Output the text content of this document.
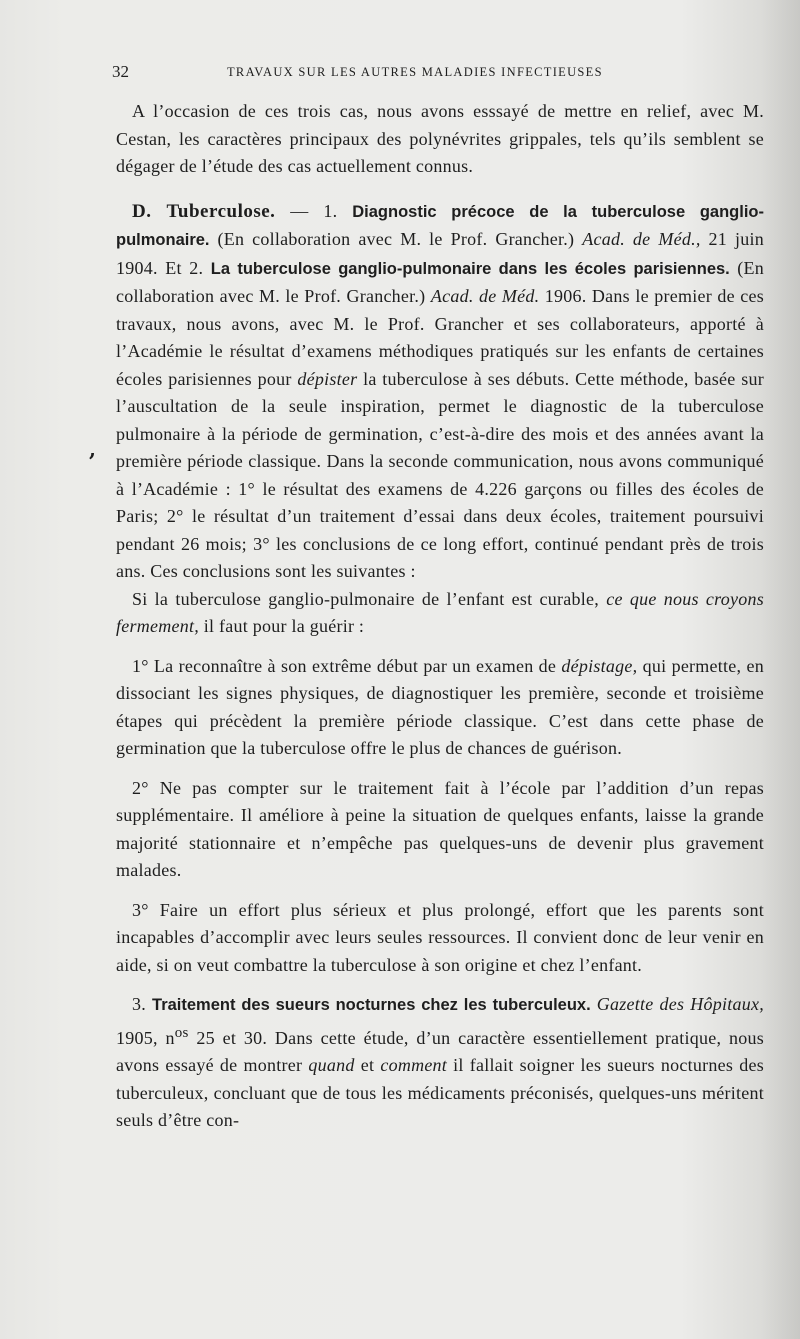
32	TRAVAUX SUR LES AUTRES MALADIES INFECTIEUSES
,

A l’occasion de ces trois cas, nous avons esssayé de mettre en relief, avec M. Cestan, les caractères principaux des polynévrites grippales, tels qu’ils semblent se dégager de l’étude des cas actuellement connus.

D. Tuberculose. — 1. Diagnostic précoce de la tuberculose ganglio-pulmonaire. (En collaboration avec M. le Prof. Grancher.) Acad. de Méd., 21 juin 1904. Et 2. La tuberculose ganglio-pulmonaire dans les écoles parisiennes. (En collaboration avec M. le Prof. Grancher.) Acad. de Méd. 1906. Dans le premier de ces travaux, nous avons, avec M. le Prof. Grancher et ses collaborateurs, apporté à l’Académie le résultat d’examens méthodiques pratiqués sur les enfants de certaines écoles parisiennes pour dépister la tuberculose à ses débuts. Cette méthode, basée sur l’auscultation de la seule inspiration, permet le diagnostic de la tuberculose pulmonaire à la période de germination, c’est-à-dire des mois et des années avant la première période classique. Dans la seconde communication, nous avons communiqué à l’Académie : 1° le résultat des examens de 4.226 garçons ou filles des écoles de Paris; 2° le résultat d’un traitement d’essai dans deux écoles, traitement poursuivi pendant 26 mois; 3° les conclusions de ce long effort, continué pendant près de trois ans. Ces conclusions sont les suivantes :

Si la tuberculose ganglio-pulmonaire de l’enfant est curable, ce que nous croyons fermement, il faut pour la guérir :

1° La reconnaître à son extrême début par un examen de dépistage, qui permette, en dissociant les signes physiques, de diagnostiquer les première, seconde et troisième étapes qui précèdent la première période classique. C’est dans cette phase de germination que la tuberculose offre le plus de chances de guérison.

2° Ne pas compter sur le traitement fait à l’école par l’addition d’un repas supplémentaire. Il améliore à peine la situation de quelques enfants, laisse la grande majorité stationnaire et n’empêche pas quelques-uns de devenir plus gravement malades.

3° Faire un effort plus sérieux et plus prolongé, effort que les parents sont incapables d’accomplir avec leurs seules ressources. Il convient donc de leur venir en aide, si on veut combattre la tuberculose à son origine et chez l’enfant.

3. Traitement des sueurs nocturnes chez les tuberculeux. Gazette des Hôpitaux, 1905, $n^{os}$ 25 et 30. Dans cette étude, d’un caractère essentiellement pratique, nous avons essayé de montrer quand et comment il fallait soigner les sueurs nocturnes des tuberculeux, concluant que de tous les médicaments préconisés, quelques-uns méritent seuls d’être con-
